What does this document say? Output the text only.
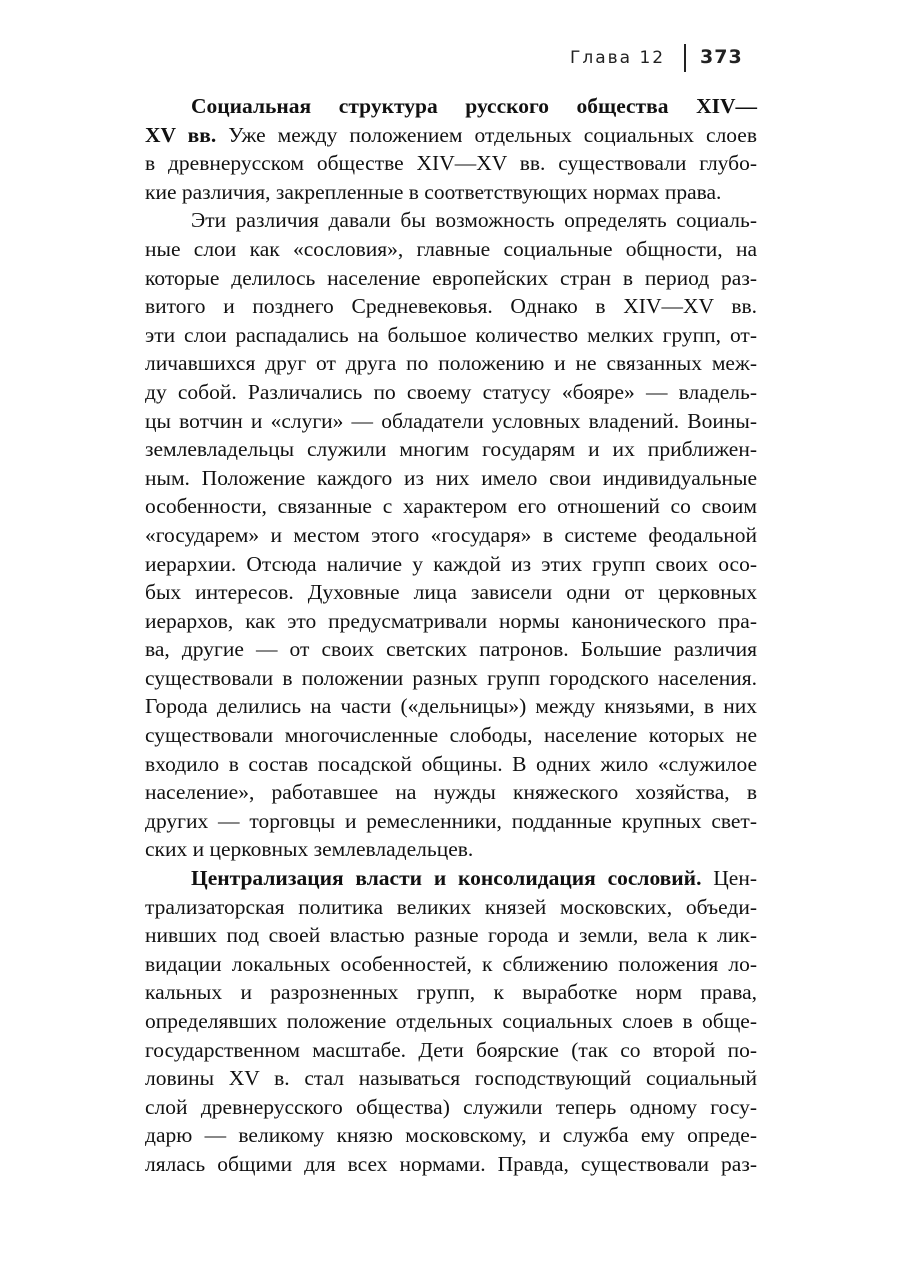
Глава 12 373
Социальная структура русского общества XIV—
XV вв. Уже между положением отдельных социальных слоев
в древнерусском обществе XIV—XV вв. существовали глубо-
кие различия, закрепленные в соответствующих нормах права.
Эти различия давали бы возможность определять социаль-
ные слои как «сословия», главные социальные общности, на
которые делилось население европейских стран в период раз-
витого и позднего Средневековья. Однако в XIV—XV вв.
эти слои распадались на большое количество мелких групп, от-
личавшихся друг от друга по положению и не связанных меж-
ду собой. Различались по своему статусу «бояре» — владель-
цы вотчин и «слуги» — обладатели условных владений. Воины-
землевладельцы служили многим государям и их приближен-
ным. Положение каждого из них имело свои индивидуальные
особенности, связанные с характером его отношений со своим
«государем» и местом этого «государя» в системе феодальной
иерархии. Отсюда наличие у каждой из этих групп своих осо-
бых интересов. Духовные лица зависели одни от церковных
иерархов, как это предусматривали нормы канонического пра-
ва, другие — от своих светских патронов. Большие различия
существовали в положении разных групп городского населения.
Города делились на части («дельницы») между князьями, в них
существовали многочисленные слободы, население которых не
входило в состав посадской общины. В одних жило «служилое
население», работавшее на нужды княжеского хозяйства, в
других — торговцы и ремесленники, подданные крупных свет-
ских и церковных землевладельцев.
Централизация власти и консолидация сословий. Цен-
трализаторская политика великих князей московских, объеди-
нивших под своей властью разные города и земли, вела к лик-
видации локальных особенностей, к сближению положения ло-
кальных и разрозненных групп, к выработке норм права,
определявших положение отдельных социальных слоев в обще-
государственном масштабе. Дети боярские (так со второй по-
ловины XV в. стал называться господствующий социальный
слой древнерусского общества) служили теперь одному госу-
дарю — великому князю московскому, и служба ему опреде-
лялась общими для всех нормами. Правда, существовали раз-
